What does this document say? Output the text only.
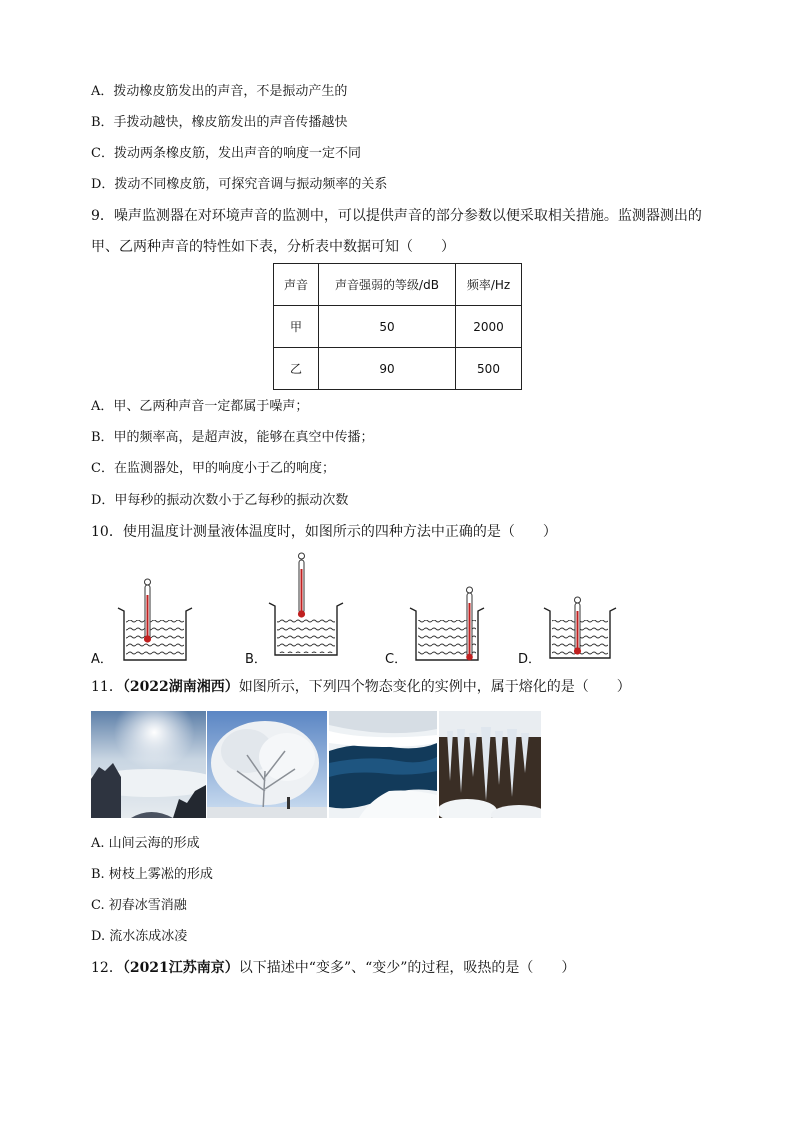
A．拨动橡皮筋发出的声音，不是振动产生的
B．手拨动越快，橡皮筋发出的声音传播越快
C．拨动两条橡皮筋，发出声音的响度一定不同
D．拨动不同橡皮筋，可探究音调与振动频率的关系
9．噪声监测器在对环境声音的监测中，可以提供声音的部分参数以便采取相关措施。监测器测出的
甲、乙两种声音的特性如下表，分析表中数据可知（　　）
声音	声音强弱的等级/dB	频率/Hz
甲	50	2000
乙	90	500
A．甲、乙两种声音一定都属于噪声；
B．甲的频率高，是超声波，能够在真空中传播；
C．在监测器处，甲的响度小于乙的响度；
D．甲每秒的振动次数小于乙每秒的振动次数
10．使用温度计测量液体温度时，如图所示的四种方法中正确的是（　　）
A．	B．	C．	D．
11．（2022湖南湘西）如图所示，下列四个物态变化的实例中，属于熔化的是（　　）
A. 山间云海的形成
B. 树枝上雾凇的形成
C. 初春冰雪消融
D. 流水冻成冰凌
12．（2021江苏南京）以下描述中“变多”、“变少”的过程，吸热的是（　　）
